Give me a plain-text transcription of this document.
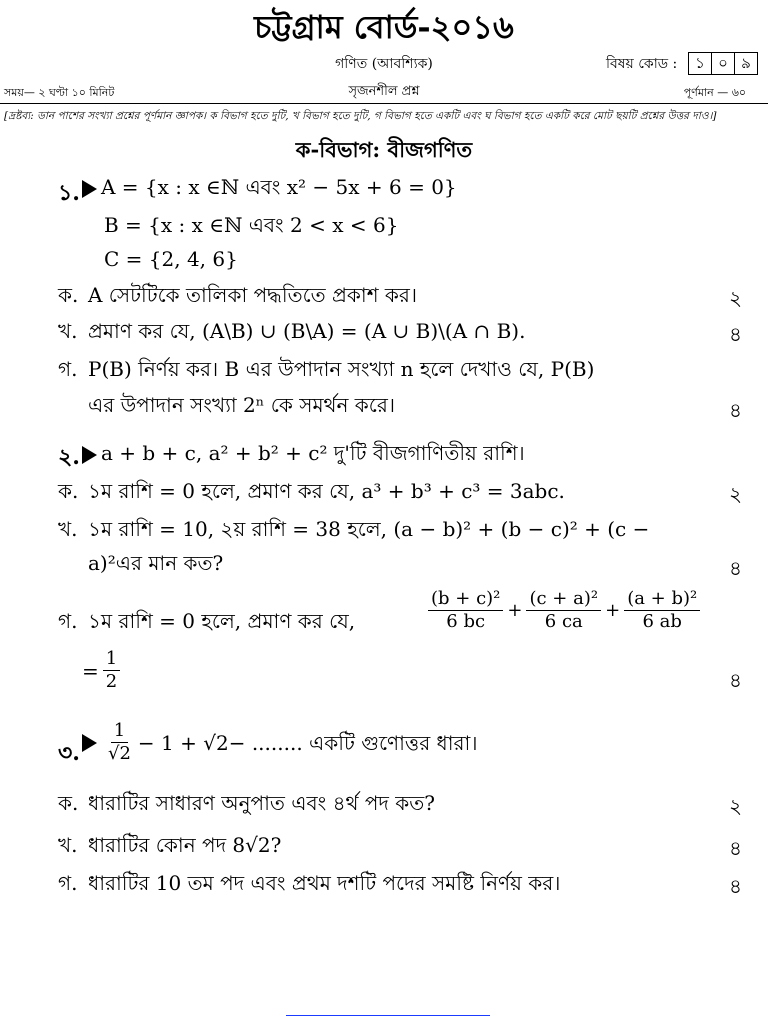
চট্টগ্রাম বোর্ড-২০১৬
গণিত (আবশ্যিক)	বিষয় কোড :	১ ০ ৯
সময়— ২ ঘণ্টা ১০ মিনিট	সৃজনশীল প্রশ্ন	পূর্ণমান — ৬০
[দ্রষ্টব্য: ডান পাশের সংখ্যা প্রশ্নের পূর্ণমান জ্ঞাপক। ক বিভাগ হতে দুটি, খ বিভাগ হতে দুটি, গ বিভাগ হতে একটি এবং ঘ বিভাগ হতে একটি করে মোট ছয়টি প্রশ্নের উত্তর দাও।]
ক-বিভাগ: বীজগণিত
১.	A = {x : x ∈ℕ এবং x² − 5x + 6 = 0}
B = {x : x ∈ℕ এবং 2 < x < 6}
C = {2, 4, 6}
ক. A সেটটিকে তালিকা পদ্ধতিতে প্রকাশ কর।	২
খ. প্রমাণ কর যে, (A\B) ∪ (B\A) = (A ∪ B)\(A ∩ B).	৪
গ. P(B) নির্ণয় কর। B এর উপাদান সংখ্যা n হলে দেখাও যে, P(B)
এর উপাদান সংখ্যা 2ⁿ কে সমর্থন করে।	৪
২.	a + b + c, a² + b² + c² দু'টি বীজগাণিতীয় রাশি।
ক. ১ম রাশি = 0 হলে, প্রমাণ কর যে, a³ + b³ + c³ = 3abc.	২
খ. ১ম রাশি = 10, ২য় রাশি = 38 হলে, (a − b)² + (b − c)² + (c −
a)²এর মান কত?	৪
গ. ১ম রাশি = 0 হলে, প্রমাণ কর যে,	$\frac{\text{(b + c)²}}{6 bc} + \frac{\text{(c + a)²}}{6 ca} + \frac{\text{(a + b)²}}{6 ab}$
= $\frac{1}{2}$	৪
৩. $\frac{1}{√2} - 1 + √2-$ ........ একটি গুণোত্তর ধারা।
ক. ধারাটির সাধারণ অনুপাত এবং ৪র্থ পদ কত?	২
খ. ধারাটির কোন পদ 8√2?	৪
গ. ধারাটির 10 তম পদ এবং প্রথম দশটি পদের সমষ্টি নির্ণয় কর।	৪
